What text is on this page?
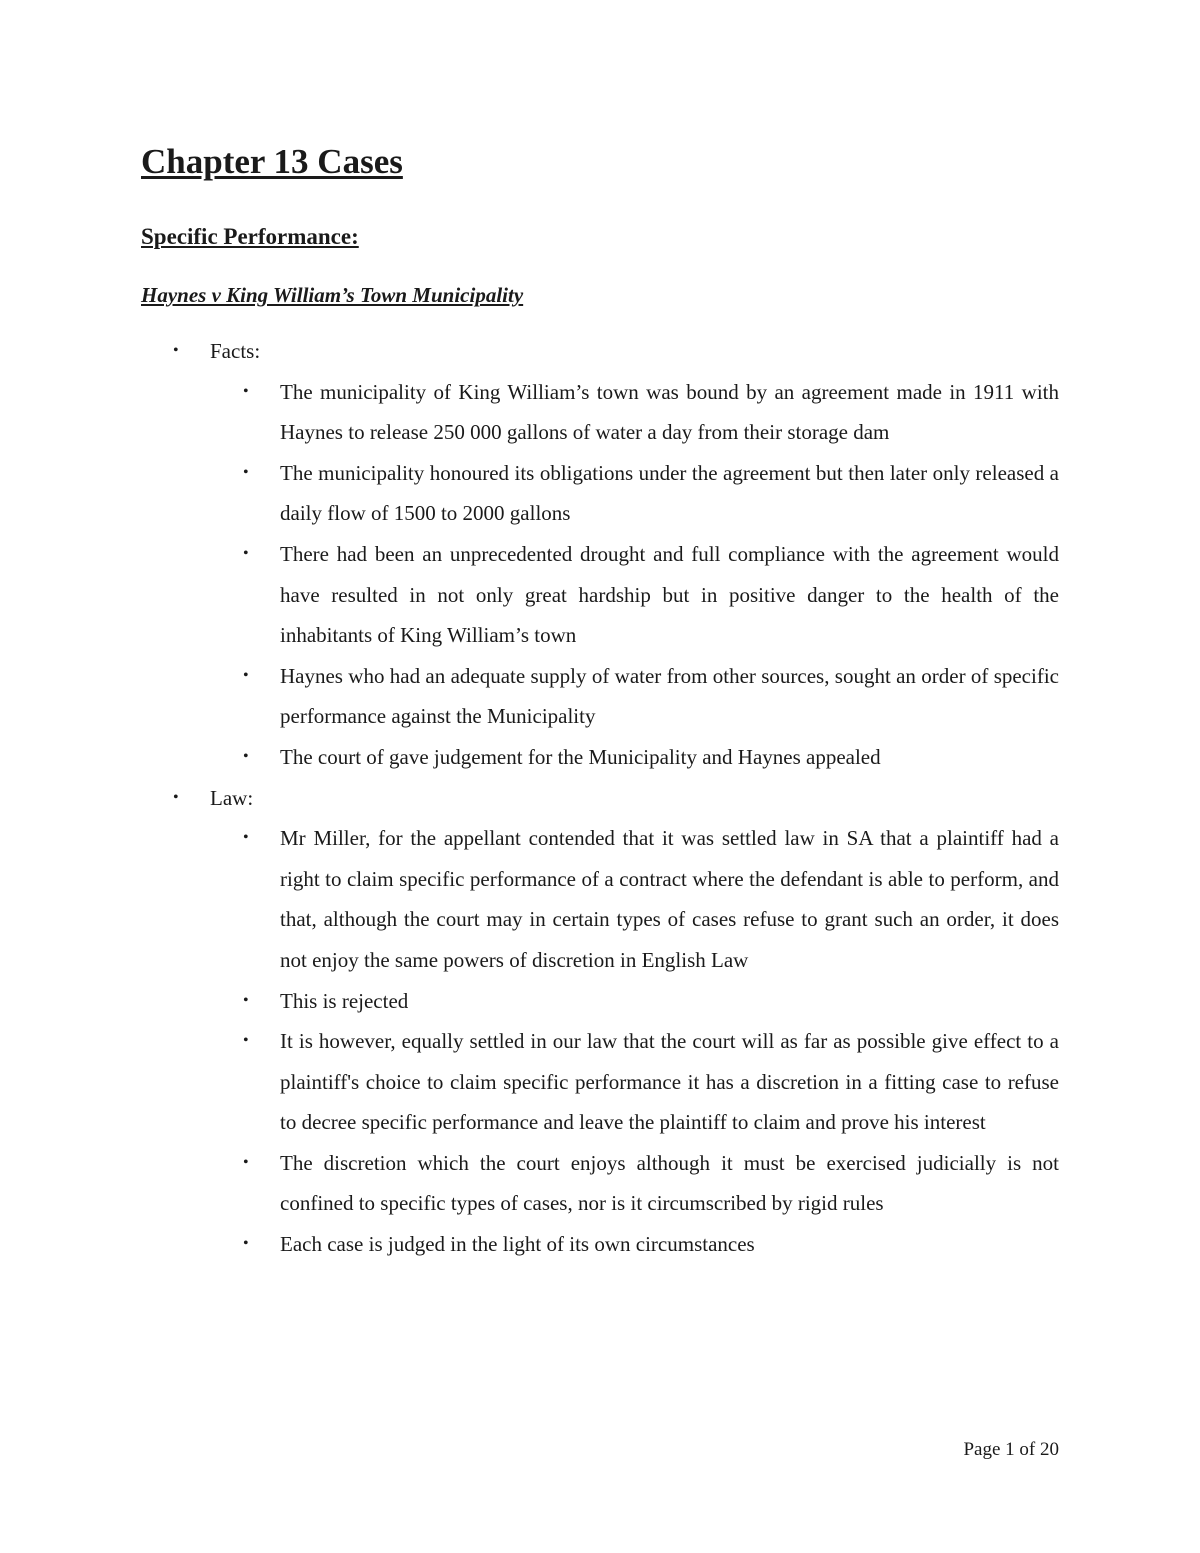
Chapter 13 Cases
Specific Performance:
Haynes v King William’s Town Municipality
• Facts:
• The municipality of King William’s town was bound by an agreement made in 1911 with Haynes to release 250 000 gallons of water a day from their storage dam
• The municipality honoured its obligations under the agreement but then later only released a daily flow of 1500 to 2000 gallons
• There had been an unprecedented drought and full compliance with the agreement would have resulted in not only great hardship but in positive danger to the health of the inhabitants of King William’s town
• Haynes who had an adequate supply of water from other sources, sought an order of specific performance against the Municipality
• The court of gave judgement for the Municipality and Haynes appealed
• Law:
• Mr Miller, for the appellant contended that it was settled law in SA that a plaintiff had a right to claim specific performance of a contract where the defendant is able to perform, and that, although the court may in certain types of cases refuse to grant such an order, it does not enjoy the same powers of discretion in English Law
• This is rejected
• It is however, equally settled in our law that the court will as far as possible give effect to a plaintiff's choice to claim specific performance it has a discretion in a fitting case to refuse to decree specific performance and leave the plaintiff to claim and prove his interest
• The discretion which the court enjoys although it must be exercised judicially is not confined to specific types of cases, nor is it circumscribed by rigid rules
• Each case is judged in the light of its own circumstances
Page 1 of 20
